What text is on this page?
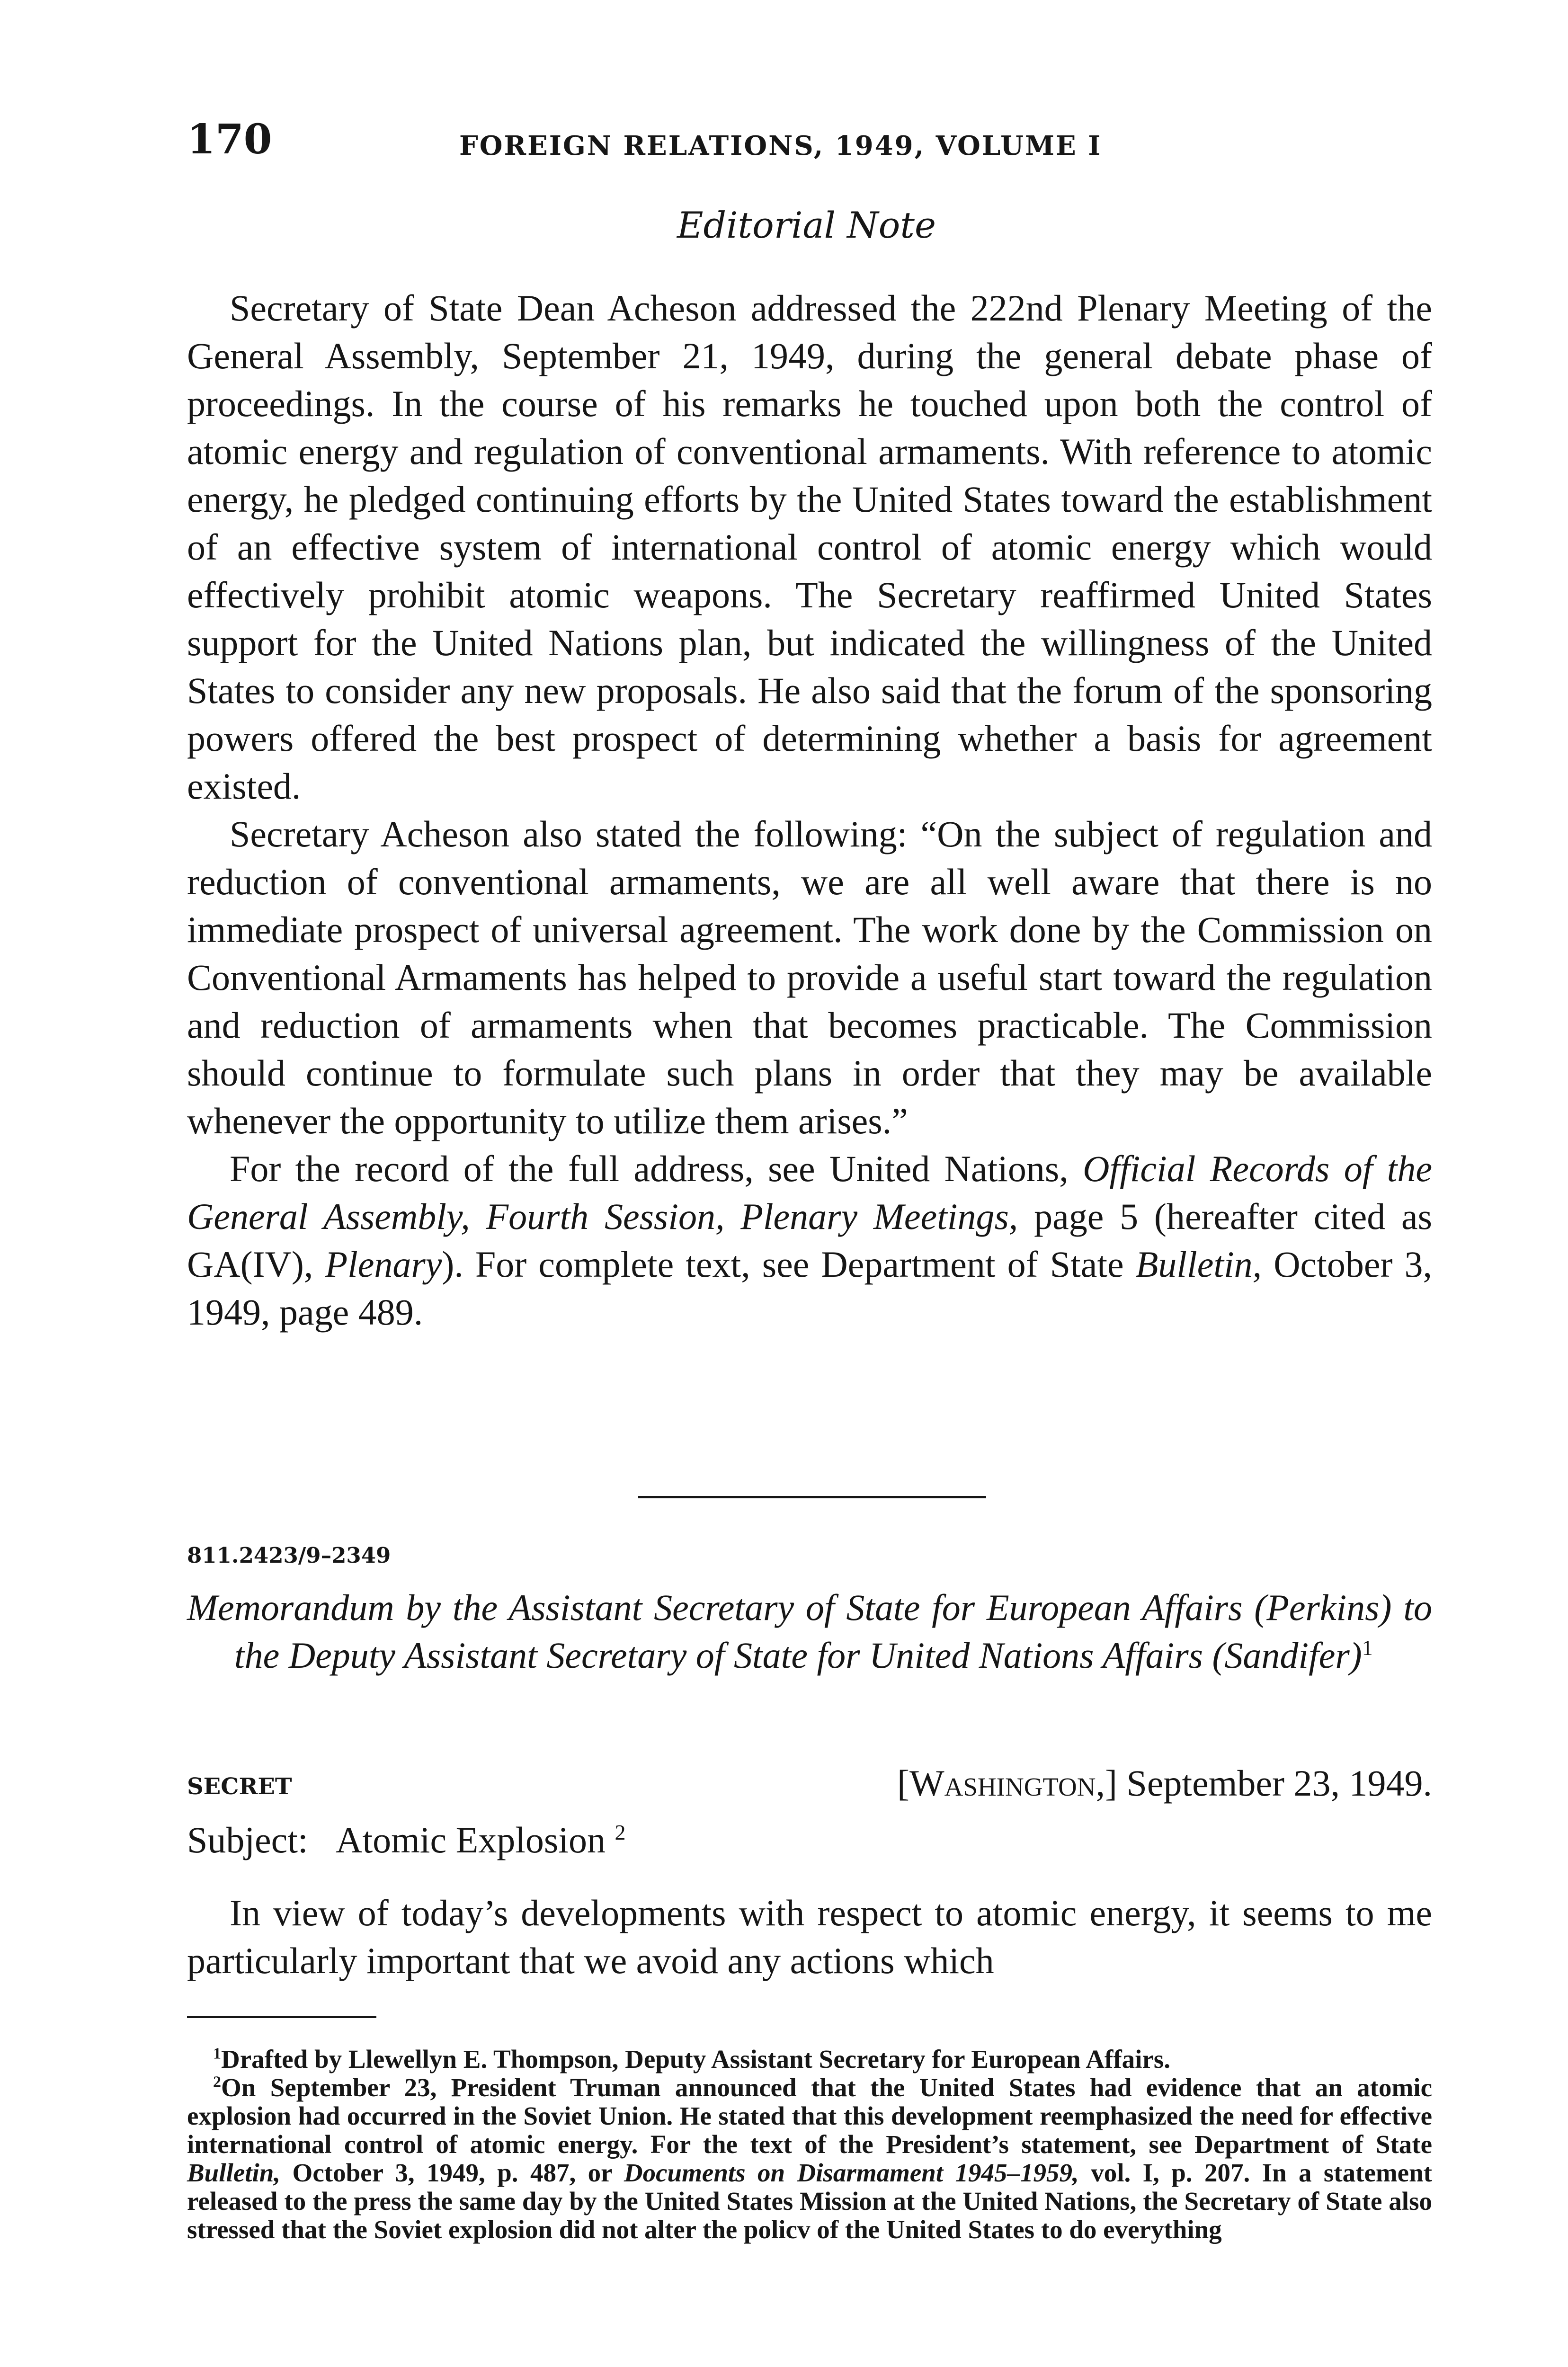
170	FOREIGN RELATIONS, 1949, VOLUME I
Editorial Note

Secretary of State Dean Acheson addressed the 222nd Plenary Meeting of the General Assembly, September 21, 1949, during the general debate phase of proceedings. In the course of his remarks he touched upon both the control of atomic energy and regulation of conventional armaments. With reference to atomic energy, he pledged continuing efforts by the United States toward the establishment of an effective system of international control of atomic energy which would effectively prohibit atomic weapons. The Secretary reaffirmed United States support for the United Nations plan, but indicated the willingness of the United States to consider any new proposals. He also said that the forum of the sponsoring powers offered the best prospect of determining whether a basis for agreement existed.

Secretary Acheson also stated the following: “On the subject of regulation and reduction of conventional armaments, we are all well aware that there is no immediate prospect of universal agreement. The work done by the Commission on Conventional Armaments has helped to provide a useful start toward the regulation and reduction of armaments when that becomes practicable. The Commission should continue to formulate such plans in order that they may be available whenever the opportunity to utilize them arises.”

For the record of the full address, see United Nations, Official Records of the General Assembly, Fourth Session, Plenary Meetings, page 5 (hereafter cited as GA(IV), Plenary). For complete text, see Department of State Bulletin, October 3, 1949, page 489.

811.2423/9–2349
Memorandum by the Assistant Secretary of State for European Affairs (Perkins) to the Deputy Assistant Secretary of State for United Nations Affairs (Sandifer)$^1$
SECRET	[Washington,] September 23, 1949.
Subject: Atomic Explosion $^2$

In view of today’s developments with respect to atomic energy, it seems to me particularly important that we avoid any actions which

$^1$Drafted by Llewellyn E. Thompson, Deputy Assistant Secretary for European Affairs.

$^2$On September 23, President Truman announced that the United States had evidence that an atomic explosion had occurred in the Soviet Union. He stated that this development reemphasized the need for effective international control of atomic energy. For the text of the President’s statement, see Department of State Bulletin, October 3, 1949, p. 487, or Documents on Disarmament 1945–1959, vol. I, p. 207. In a statement released to the press the same day by the United States Mission at the United Nations, the Secretary of State also stressed that the Soviet explosion did not alter the policv of the United States to do everything
